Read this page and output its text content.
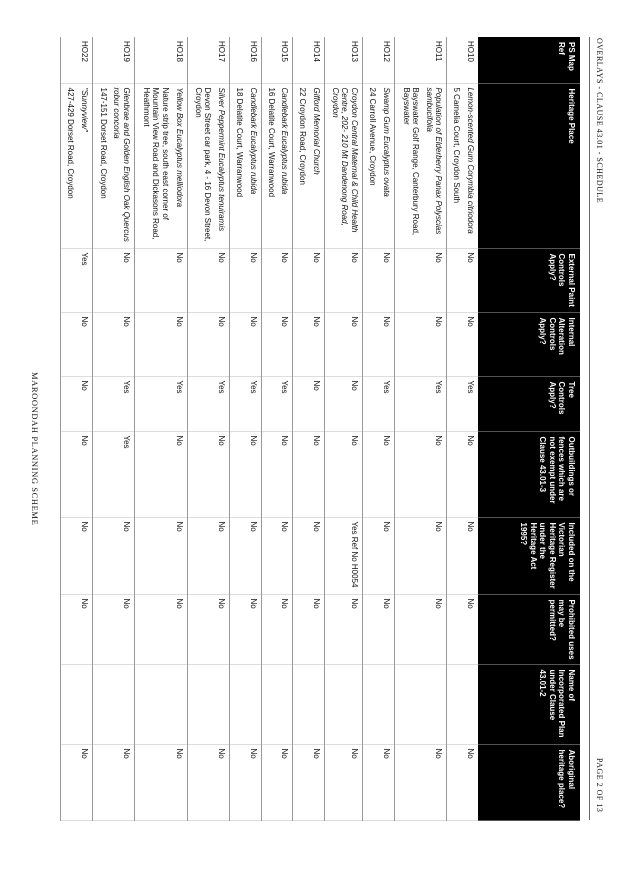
MAROONDAH PLANNING SCHEME
PS Map Ref	Heritage Place	External Paint Controls Apply?	Internal Alteration Controls Apply?	Tree Controls Apply?	Outbuildings or fences which are not exempt under Clause 43.01-3	Included on the Victorian Heritage Register under the Heritage Act 1995?	Prohibited uses may be permitted?	Name of Incorporated Plan under Clause 43.01-2	Aboriginal heritage place?
HO10	Lemon-scented Gum Corymbia citriodora
5 Camelia Court, Croydon South	No	No	Yes	No	No	No		No
HO11	Population of Elderberry Panax Polyscias sambucifolia
Bayswater Golf Range, Canterbury Road, Bayswater	No	No	Yes	No	No	No		No
HO12	Swamp Gum Eucalyptus ovata
24 Carroll Avenue, Croydon	No	No	Yes	No	No	No		No
HO13	Croydon Central Maternal & Child Health Centre, 202- 210 Mt Dandenong Road, Croydon	No	No	No	No	Yes Ref No H0054	No		No
HO14	Gifford Memorial Church
22 Croydon Road, Croydon	No	No	No	No	No	No		No
HO15	Candlebark Eucalyptus rubida
16 Delatite Court, Warranwood	No	No	Yes	No	No	No		No
HO16	Candlebark Eucalyptus rubida
18 Delatite Court, Warranwood	No	No	Yes	No	No	No		No
HO17	Silver Peppermint Eucalyptus tenuiramis
Devon Street car park, 4 - 16 Devon Street, Croydon	No	No	Yes	No	No	No		No
HO18	Yellow Box Eucalyptus melliodora
Nature strip tree, south east corner of Mountain View Road and Dickasons Road, Heathmont	No	No	Yes	No	No	No		No
HO19	Glenbrae and Golden English Oak Quercus robur concoria
147-151 Dorset Road, Croydon	No	No	Yes	Yes	No	No		No
HO22	"Sunnyview"
427-429 Dorset Road, Croydon	Yes	No	No	No	No	No		No
OVERLAYS - CLAUSE 43.01 - SCHEDULE
PAGE 2 OF 13
